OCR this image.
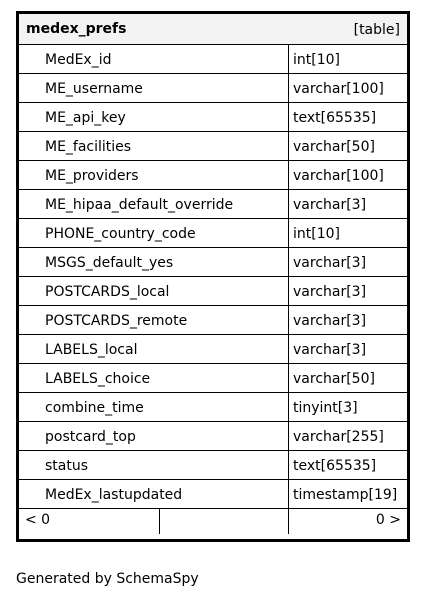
medex_prefs	[table]
MedEx_id	int[10]
ME_username	varchar[100]
ME_api_key	text[65535]
ME_facilities	varchar[50]
ME_providers	varchar[100]
ME_hipaa_default_override	varchar[3]
PHONE_country_code	int[10]
MSGS_default_yes	varchar[3]
POSTCARDS_local	varchar[3]
POSTCARDS_remote	varchar[3]
LABELS_local	varchar[3]
LABELS_choice	varchar[50]
combine_time	tinyint[3]
postcard_top	varchar[255]
status	text[65535]
MedEx_lastupdated	timestamp[19]
< 0	0 >
Generated by SchemaSpy
